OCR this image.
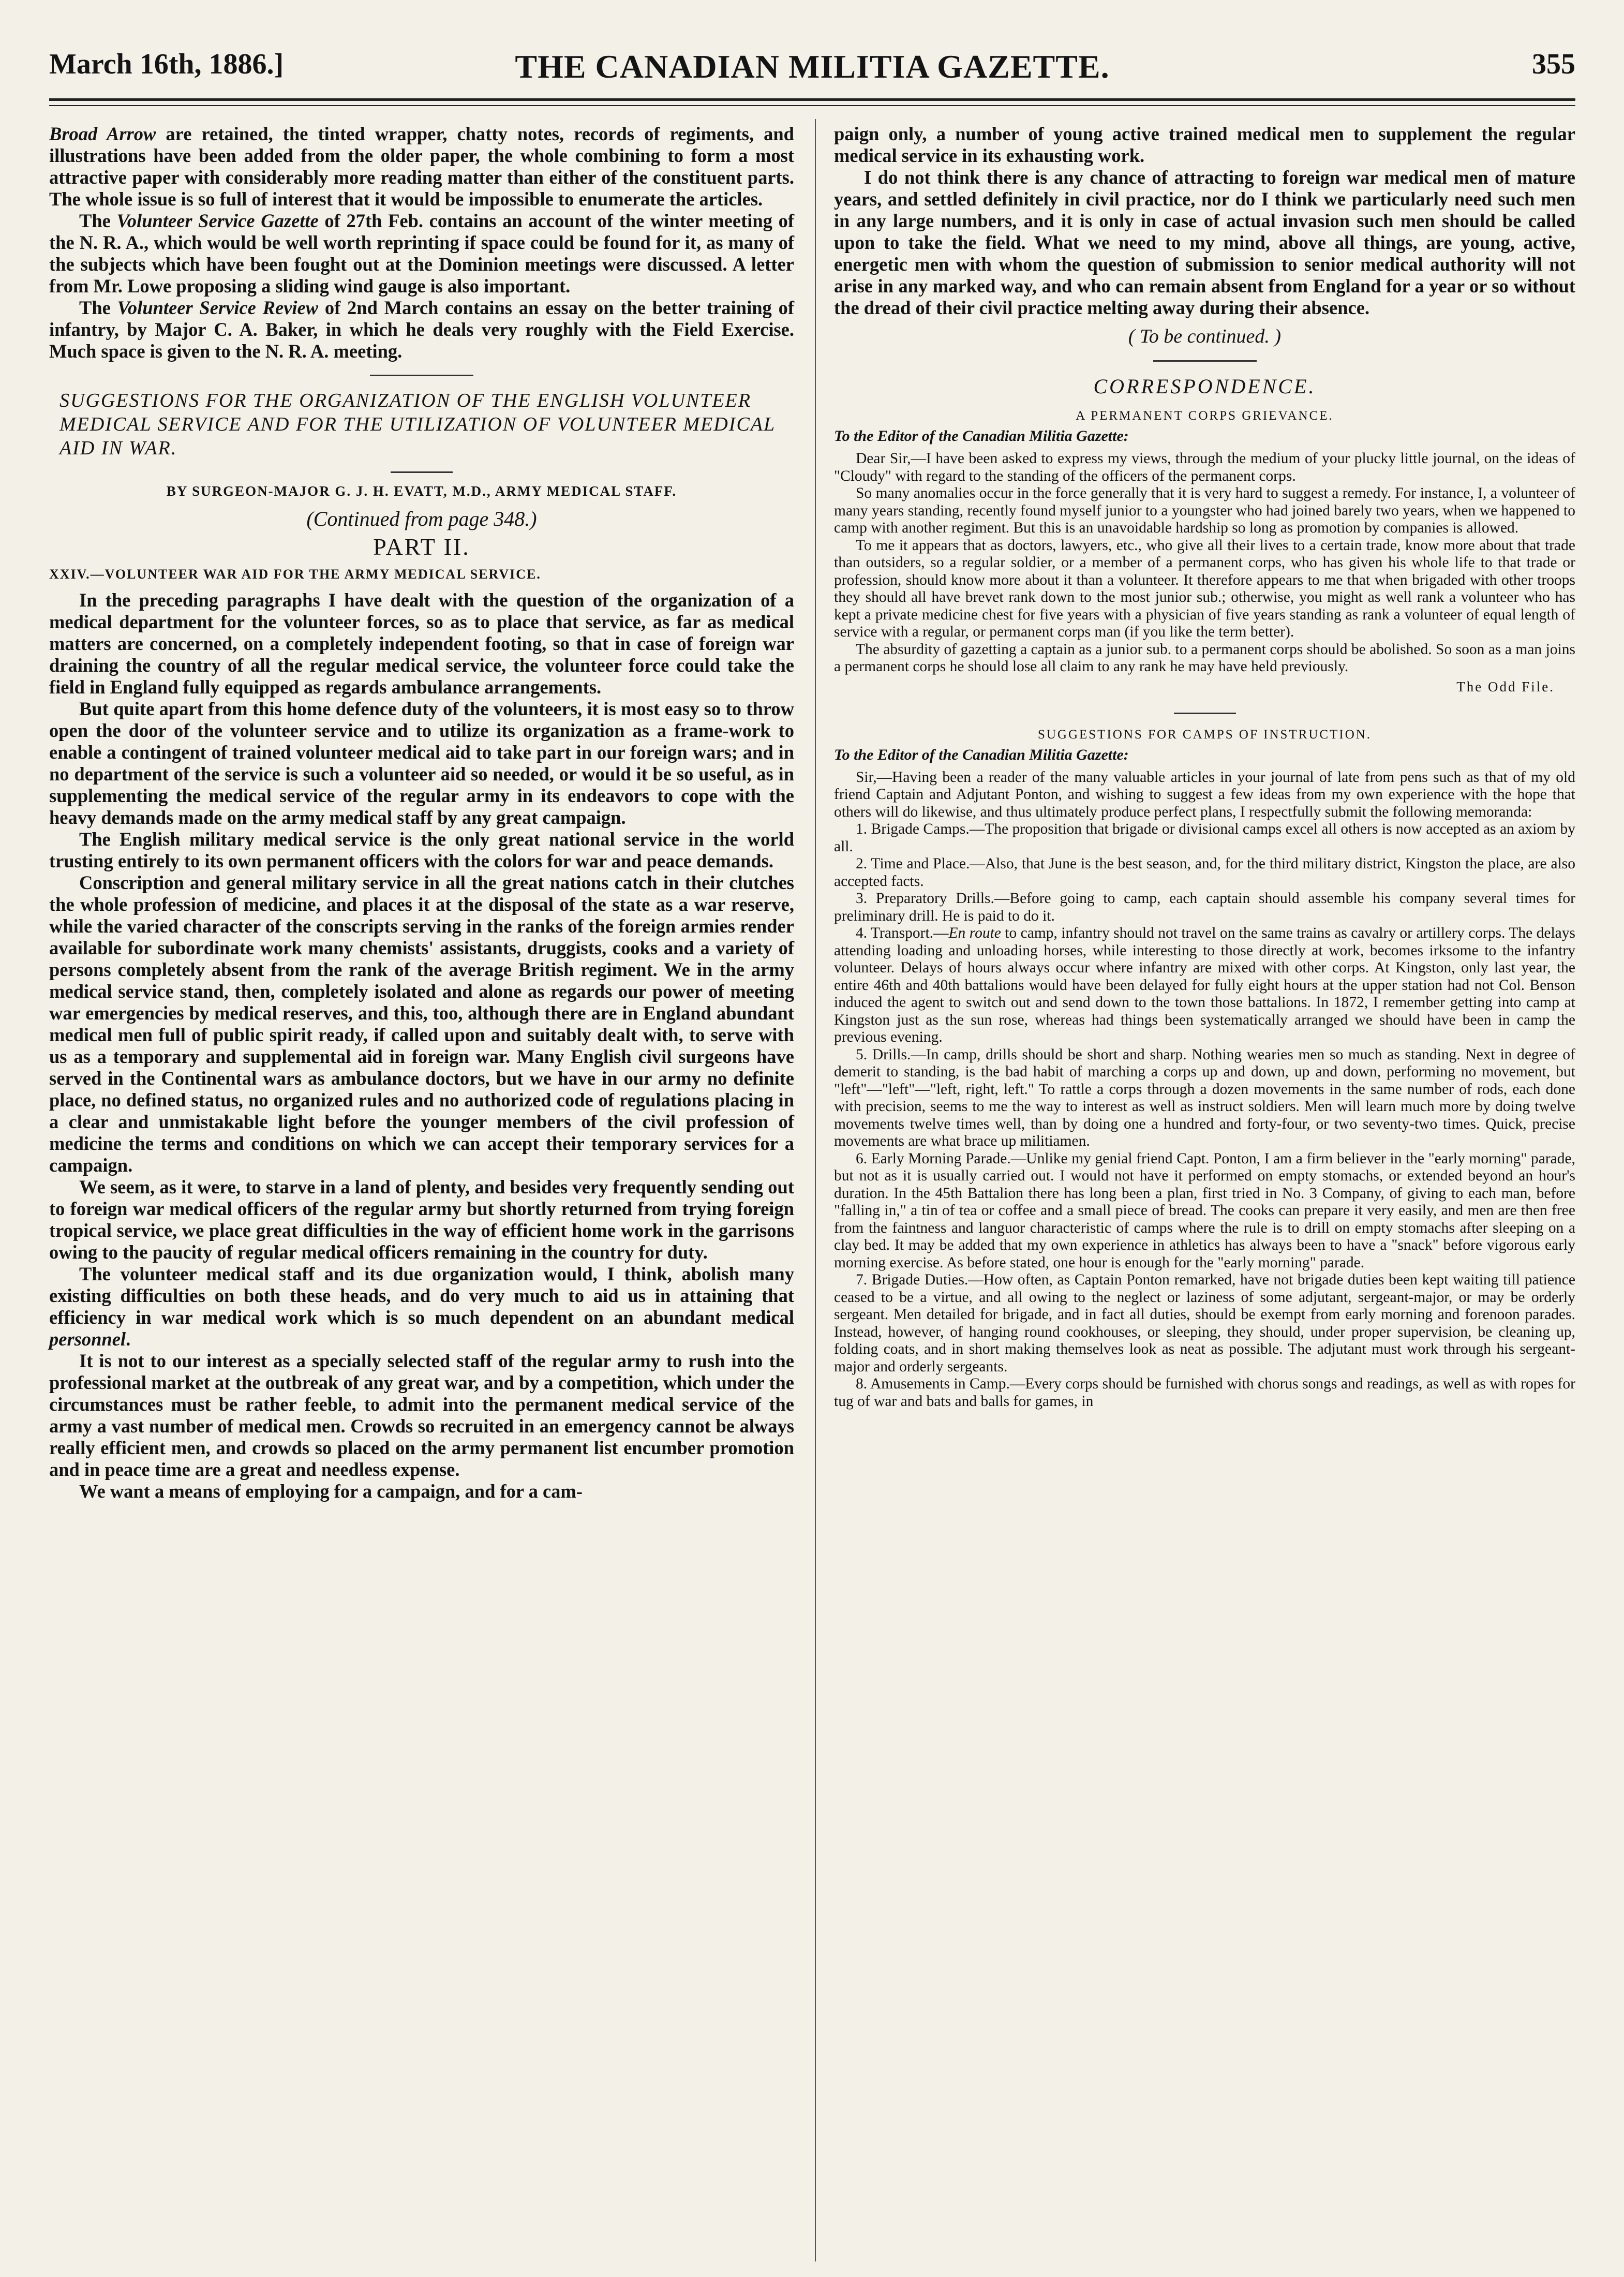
March 16th, 1886.]	THE CANADIAN MILITIA GAZETTE.	355

Broad Arrow are retained, the tinted wrapper, chatty notes, records of regiments, and illustrations have been added from the older paper, the whole combining to form a most attractive paper with considerably more reading matter than either of the constituent parts. The whole issue is so full of interest that it would be impossible to enumerate the articles.

The Volunteer Service Gazette of 27th Feb. contains an account of the winter meeting of the N. R. A., which would be well worth reprinting if space could be found for it, as many of the subjects which have been fought out at the Dominion meetings were discussed. A letter from Mr. Lowe proposing a sliding wind gauge is also important.

The Volunteer Service Review of 2nd March contains an essay on the better training of infantry, by Major C. A. Baker, in which he deals very roughly with the Field Exercise. Much space is given to the N. R. A. meeting.

SUGGESTIONS FOR THE ORGANIZATION OF THE ENGLISH VOLUNTEER MEDICAL SERVICE AND FOR THE UTILIZATION OF VOLUNTEER MEDICAL AID IN WAR.

BY SURGEON-MAJOR G. J. H. EVATT, M.D., ARMY MEDICAL STAFF.
(Continued from page 348.)
PART II.
XXIV.—VOLUNTEER WAR AID FOR THE ARMY MEDICAL SERVICE.

In the preceding paragraphs I have dealt with the question of the organization of a medical department for the volunteer forces, so as to place that service, as far as medical matters are concerned, on a completely independent footing, so that in case of foreign war draining the country of all the regular medical service, the volunteer force could take the field in England fully equipped as regards ambulance arrangements.

But quite apart from this home defence duty of the volunteers, it is most easy so to throw open the door of the volunteer service and to utilize its organization as a frame-work to enable a contingent of trained volunteer medical aid to take part in our foreign wars; and in no department of the service is such a volunteer aid so needed, or would it be so useful, as in supplementing the medical service of the regular army in its endeavors to cope with the heavy demands made on the army medical staff by any great campaign.

The English military medical service is the only great national service in the world trusting entirely to its own permanent officers with the colors for war and peace demands.

Conscription and general military service in all the great nations catch in their clutches the whole profession of medicine, and places it at the disposal of the state as a war reserve, while the varied character of the conscripts serving in the ranks of the foreign armies render available for subordinate work many chemists' assistants, druggists, cooks and a variety of persons completely absent from the rank of the average British regiment. We in the army medical service stand, then, completely isolated and alone as regards our power of meeting war emergencies by medical reserves, and this, too, although there are in England abundant medical men full of public spirit ready, if called upon and suitably dealt with, to serve with us as a temporary and supplemental aid in foreign war. Many English civil surgeons have served in the Continental wars as ambulance doctors, but we have in our army no definite place, no defined status, no organized rules and no authorized code of regulations placing in a clear and unmistakable light before the younger members of the civil profession of medicine the terms and conditions on which we can accept their temporary services for a campaign.

We seem, as it were, to starve in a land of plenty, and besides very frequently sending out to foreign war medical officers of the regular army but shortly returned from trying foreign tropical service, we place great difficulties in the way of efficient home work in the garrisons owing to the paucity of regular medical officers remaining in the country for duty.

The volunteer medical staff and its due organization would, I think, abolish many existing difficulties on both these heads, and do very much to aid us in attaining that efficiency in war medical work which is so much dependent on an abundant medical personnel.

It is not to our interest as a specially selected staff of the regular army to rush into the professional market at the outbreak of any great war, and by a competition, which under the circumstances must be rather feeble, to admit into the permanent medical service of the army a vast number of medical men. Crowds so recruited in an emergency cannot be always really efficient men, and crowds so placed on the army permanent list encumber promotion and in peace time are a great and needless expense.

We want a means of employing for a campaign, and for a cam-

paign only, a number of young active trained medical men to supplement the regular medical service in its exhausting work.

I do not think there is any chance of attracting to foreign war medical men of mature years, and settled definitely in civil practice, nor do I think we particularly need such men in any large numbers, and it is only in case of actual invasion such men should be called upon to take the field. What we need to my mind, above all things, are young, active, energetic men with whom the question of submission to senior medical authority will not arise in any marked way, and who can remain absent from England for a year or so without the dread of their civil practice melting away during their absence.

( To be continued. )
CORRESPONDENCE.
A PERMANENT CORPS GRIEVANCE.
To the Editor of the Canadian Militia Gazette:

Dear Sir,—I have been asked to express my views, through the medium of your plucky little journal, on the ideas of "Cloudy" with regard to the standing of the officers of the permanent corps.

So many anomalies occur in the force generally that it is very hard to suggest a remedy. For instance, I, a volunteer of many years standing, recently found myself junior to a youngster who had joined barely two years, when we happened to camp with another regiment. But this is an unavoidable hardship so long as promotion by companies is allowed.

To me it appears that as doctors, lawyers, etc., who give all their lives to a certain trade, know more about that trade than outsiders, so a regular soldier, or a member of a permanent corps, who has given his whole life to that trade or profession, should know more about it than a volunteer. It therefore appears to me that when brigaded with other troops they should all have brevet rank down to the most junior sub.; otherwise, you might as well rank a volunteer who has kept a private medicine chest for five years with a physician of five years standing as rank a volunteer of equal length of service with a regular, or permanent corps man (if you like the term better).

The absurdity of gazetting a captain as a junior sub. to a permanent corps should be abolished. So soon as a man joins a permanent corps he should lose all claim to any rank he may have held previously.

The Odd File.
SUGGESTIONS FOR CAMPS OF INSTRUCTION.
To the Editor of the Canadian Militia Gazette:

Sir,—Having been a reader of the many valuable articles in your journal of late from pens such as that of my old friend Captain and Adjutant Ponton, and wishing to suggest a few ideas from my own experience with the hope that others will do likewise, and thus ultimately produce perfect plans, I respectfully submit the following memoranda:

1. Brigade Camps.—The proposition that brigade or divisional camps excel all others is now accepted as an axiom by all.

2. Time and Place.—Also, that June is the best season, and, for the third military district, Kingston the place, are also accepted facts.

3. Preparatory Drills.—Before going to camp, each captain should assemble his company several times for preliminary drill. He is paid to do it.

4. Transport.—En route to camp, infantry should not travel on the same trains as cavalry or artillery corps. The delays attending loading and unloading horses, while interesting to those directly at work, becomes irksome to the infantry volunteer. Delays of hours always occur where infantry are mixed with other corps. At Kingston, only last year, the entire 46th and 40th battalions would have been delayed for fully eight hours at the upper station had not Col. Benson induced the agent to switch out and send down to the town those battalions. In 1872, I remember getting into camp at Kingston just as the sun rose, whereas had things been systematically arranged we should have been in camp the previous evening.

5. Drills.—In camp, drills should be short and sharp. Nothing wearies men so much as standing. Next in degree of demerit to standing, is the bad habit of marching a corps up and down, up and down, performing no movement, but "left"—"left"—"left, right, left." To rattle a corps through a dozen movements in the same number of rods, each done with precision, seems to me the way to interest as well as instruct soldiers. Men will learn much more by doing twelve movements twelve times well, than by doing one a hundred and forty-four, or two seventy-two times. Quick, precise movements are what brace up militiamen.

6. Early Morning Parade.—Unlike my genial friend Capt. Ponton, I am a firm believer in the "early morning" parade, but not as it is usually carried out. I would not have it performed on empty stomachs, or extended beyond an hour's duration. In the 45th Battalion there has long been a plan, first tried in No. 3 Company, of giving to each man, before "falling in," a tin of tea or coffee and a small piece of bread. The cooks can prepare it very easily, and men are then free from the faintness and languor characteristic of camps where the rule is to drill on empty stomachs after sleeping on a clay bed. It may be added that my own experience in athletics has always been to have a "snack" before vigorous early morning exercise. As before stated, one hour is enough for the "early morning" parade.

7. Brigade Duties.—How often, as Captain Ponton remarked, have not brigade duties been kept waiting till patience ceased to be a virtue, and all owing to the neglect or laziness of some adjutant, sergeant-major, or may be orderly sergeant. Men detailed for brigade, and in fact all duties, should be exempt from early morning and forenoon parades. Instead, however, of hanging round cookhouses, or sleeping, they should, under proper supervision, be cleaning up, folding coats, and in short making themselves look as neat as possible. The adjutant must work through his sergeant-major and orderly sergeants.

8. Amusements in Camp.—Every corps should be furnished with chorus songs and readings, as well as with ropes for tug of war and bats and balls for games, in
